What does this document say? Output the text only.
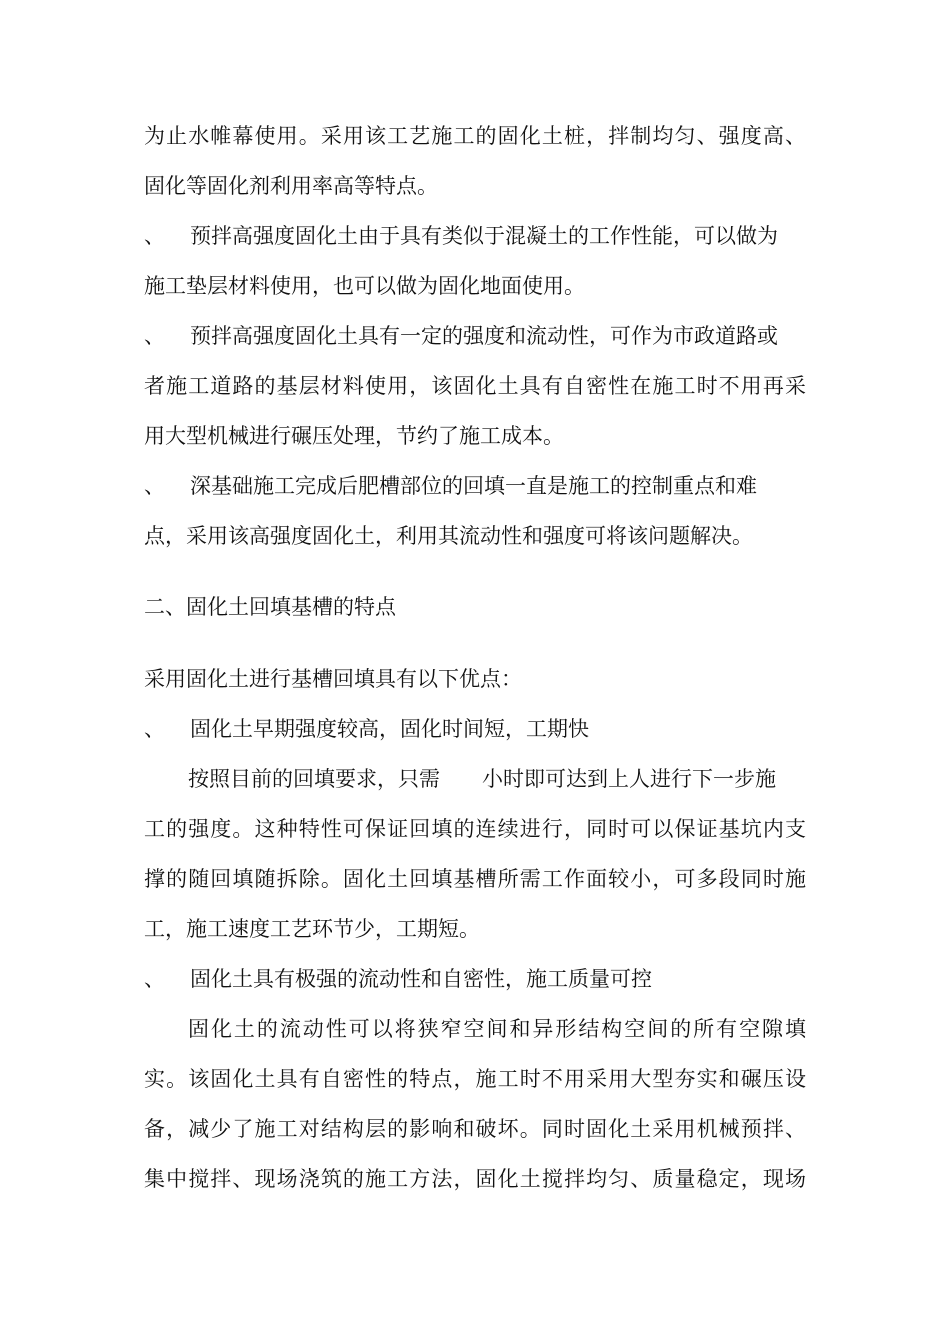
为止水帷幕使用。采用该工艺施工的固化土桩，拌制均匀、强度高、
固化等固化剂利用率高等特点。
、 预拌高强度固化土由于具有类似于混凝土的工作性能，可以做为
施工垫层材料使用，也可以做为固化地面使用。
、 预拌高强度固化土具有一定的强度和流动性，可作为市政道路或
者施工道路的基层材料使用，该固化土具有自密性在施工时不用再采
用大型机械进行碾压处理，节约了施工成本。
、 深基础施工完成后肥槽部位的回填一直是施工的控制重点和难
点，采用该高强度固化土，利用其流动性和强度可将该问题解决。
二、固化土回填基槽的特点
采用固化土进行基槽回填具有以下优点：
、 固化土早期强度较高，固化时间短，工期快
按照目前的回填要求，只需 小时即可达到上人进行下一步施
工的强度。这种特性可保证回填的连续进行，同时可以保证基坑内支
撑的随回填随拆除。固化土回填基槽所需工作面较小，可多段同时施
工，施工速度工艺环节少，工期短。
、 固化土具有极强的流动性和自密性，施工质量可控
固化土的流动性可以将狭窄空间和异形结构空间的所有空隙填
实。该固化土具有自密性的特点，施工时不用采用大型夯实和碾压设
备，减少了施工对结构层的影响和破坏。同时固化土采用机械预拌、
集中搅拌、现场浇筑的施工方法，固化土搅拌均匀、质量稳定，现场
